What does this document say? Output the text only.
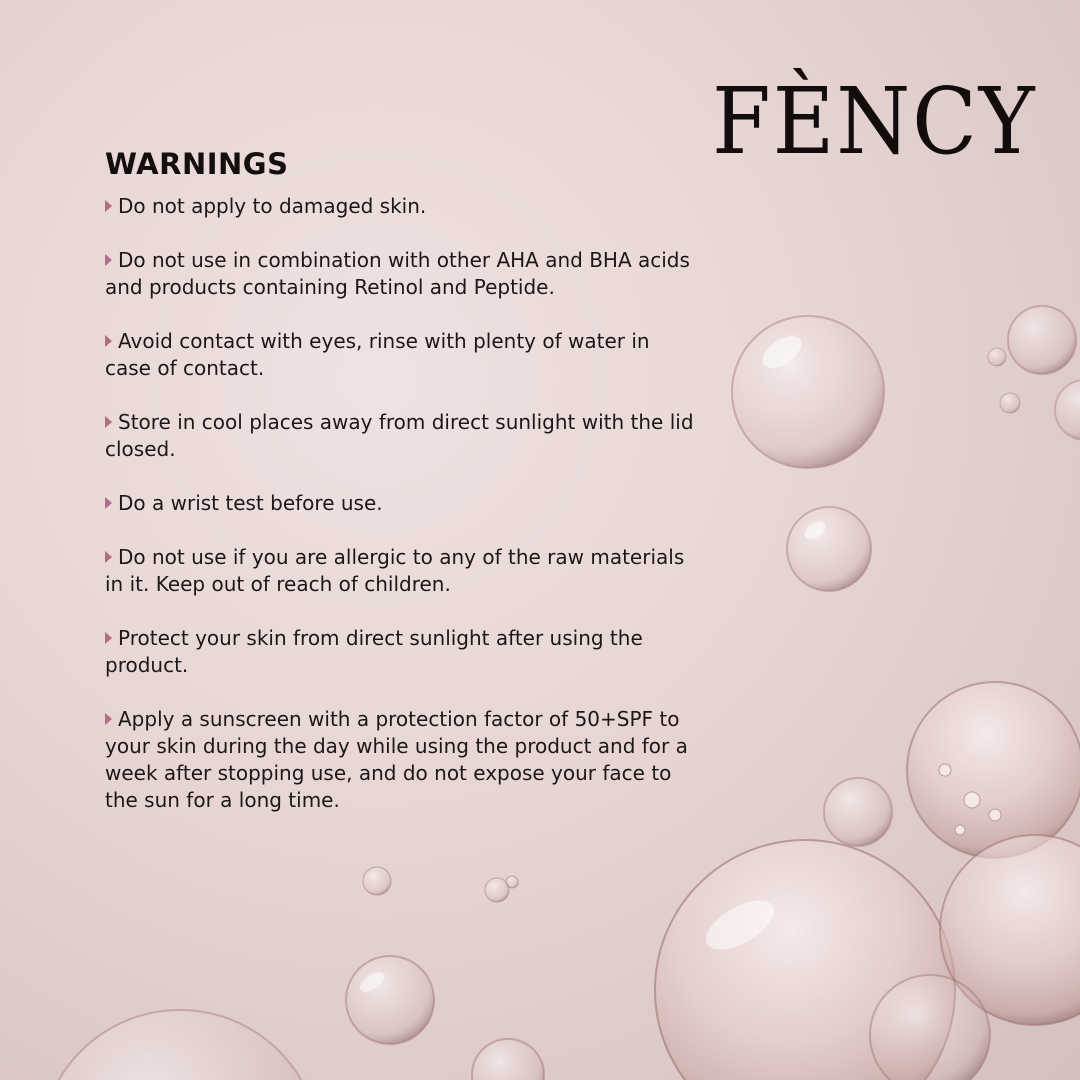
FÈNCY
WARNINGS
Do not apply to damaged skin.
Do not use in combination with other AHA and BHA acids and products containing Retinol and Peptide.
Avoid contact with eyes, rinse with plenty of water in case of contact.
Store in cool places away from direct sunlight with the lid closed.
Do a wrist test before use.
Do not use if you are allergic to any of the raw materials in it. Keep out of reach of children.
Protect your skin from direct sunlight after using the product.
Apply a sunscreen with a protection factor of 50+SPF to your skin during the day while using the product and for a week after stopping use, and do not expose your face to the sun for a long time.
